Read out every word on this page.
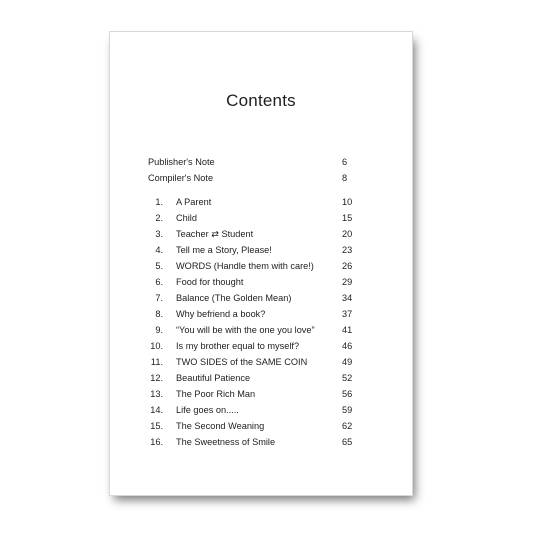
Contents
Publisher's Note	6
Compiler's Note	8
1. A Parent	10
2. Child	15
3. Teacher ⇄ Student	20
4. Tell me a Story, Please!	23
5. WORDS (Handle them with care!)	26
6. Food for thought	29
7. Balance (The Golden Mean)	34
8. Why befriend a book?	37
9. “You will be with the one you love”	41
10. Is my brother equal to myself?	46
11. TWO SIDES of the SAME COIN	49
12. Beautiful Patience	52
13. The Poor Rich Man	56
14. Life goes on.....	59
15. The Second Weaning	62
16. The Sweetness of Smile	65
